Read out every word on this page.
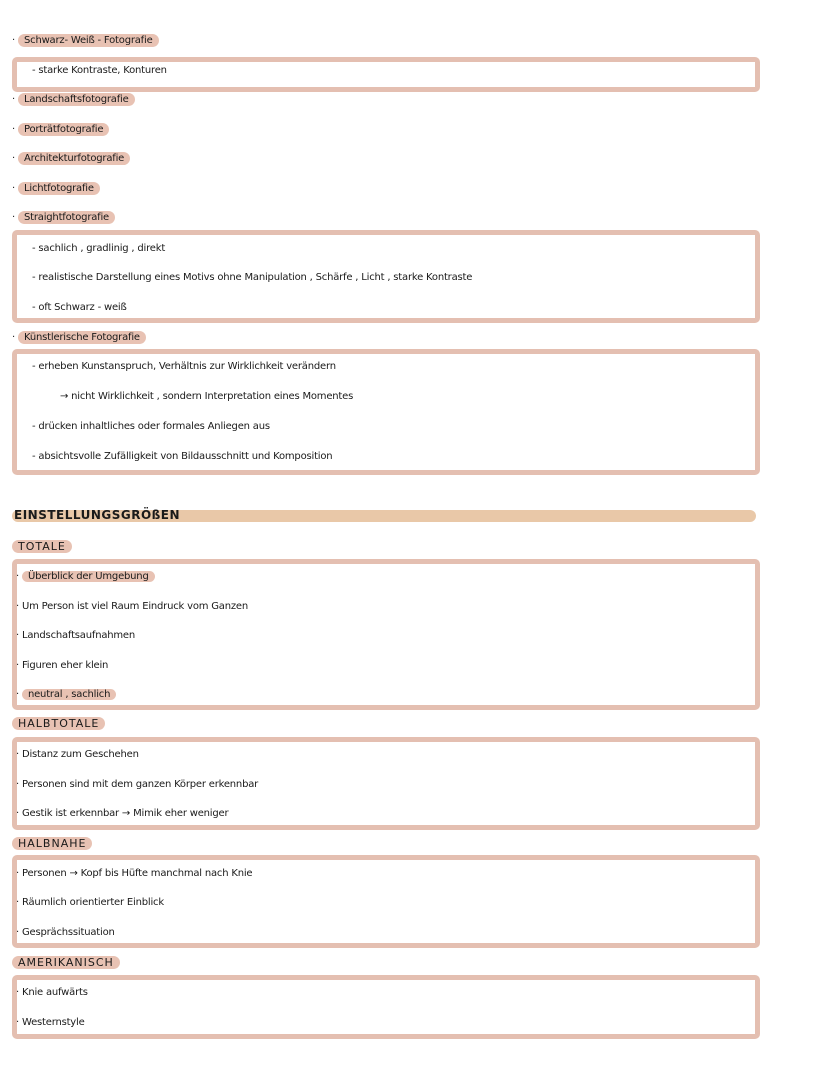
· Schwarz- Weiß - Fotografie
- starke Kontraste, Konturen
· Landschaftsfotografie
· Porträtfotografie
· Architekturfotografie
· Lichtfotografie
· Straightfotografie
- sachlich , gradlinig , direkt
- realistische Darstellung eines Motivs ohne Manipulation , Schärfe , Licht , starke Kontraste
- oft Schwarz - weiß
· Künstlerische Fotografie
- erheben Kunstanspruch, Verhältnis zur Wirklichkeit verändern
→ nicht Wirklichkeit , sondern Interpretation eines Momentes
- drücken inhaltliches oder formales Anliegen aus
- absichtsvolle Zufälligkeit von Bildausschnitt und Komposition
EINSTELLUNGSGRÖßEN
TOTALE
· Überblick der Umgebung
· Um Person ist viel Raum Eindruck vom Ganzen
· Landschaftsaufnahmen
· Figuren eher klein
· neutral , sachlich
HALBTOTALE
· Distanz zum Geschehen
· Personen sind mit dem ganzen Körper erkennbar
· Gestik ist erkennbar → Mimik eher weniger
HALBNAHE
· Personen → Kopf bis Hüfte manchmal nach Knie
· Räumlich orientierter Einblick
· Gesprächssituation
AMERIKANISCH
· Knie aufwärts
· Westernstyle
